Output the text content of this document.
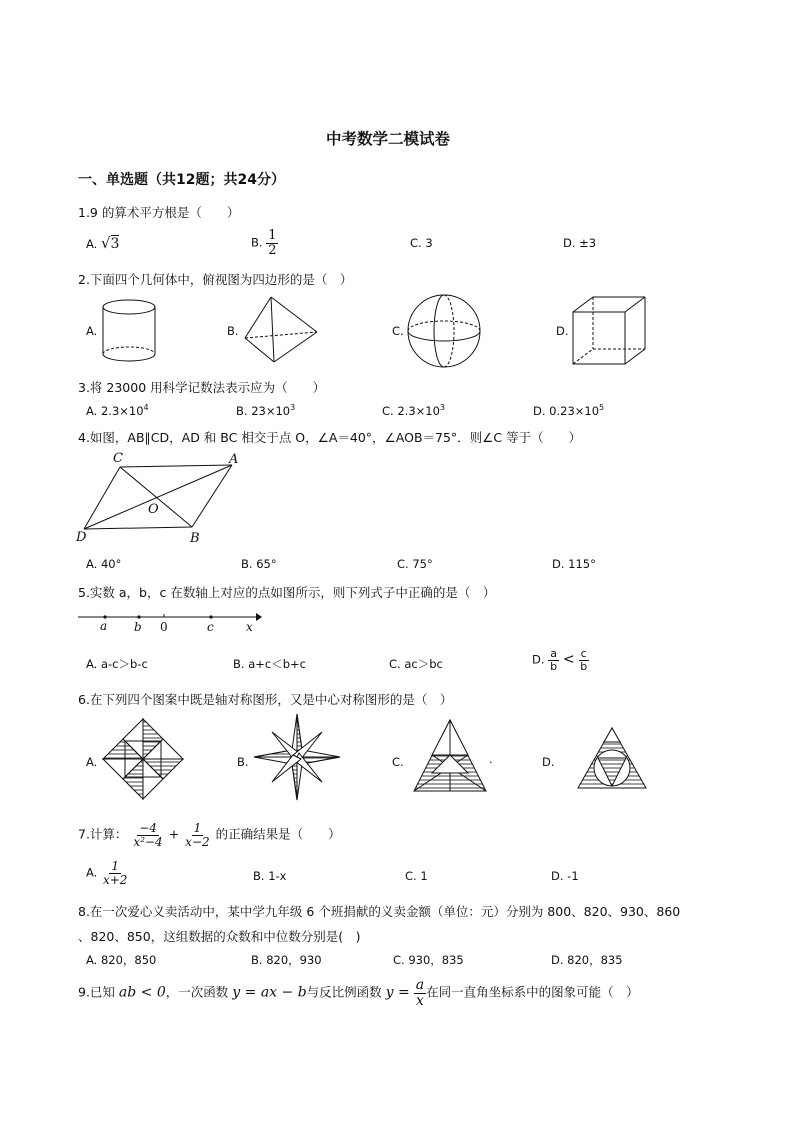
中考数学二模试卷
一、单选题（共12题；共24分）
1.9 的算术平方根是（　　）
A. √3	B. $\frac{1}{2}$	C. 3	D. ±3
2.下面四个几何体中，俯视图为四边形的是（　）
A.	B.	C.	D.
3.将 23000 用科学记数法表示应为（　　）
A. $2.3\times 10^4$	B. $23\times 10^3$	C. $2.3\times 10^3$	D. $0.23\times 10^5$
4.如图，AB∥CD，AD 和 BC 相交于点 O，∠A＝40°，∠AOB＝75°．则∠C 等于（　　）
C	A
O
D	B
A. 40°	B. 65°	C. 75°	D. 115°
5.实数 a，b，c 在数轴上对应的点如图所示，则下列式子中正确的是（　）
a b 0	c	x
A. a-c＞b-c	B. a+c＜b+c	C. ac＞bc	D. $\frac{a}{b} < \frac{c}{b}$
6.在下列四个图案中既是轴对称图形，又是中心对称图形的是（　）
A.	B.	C.	.	D.
7.计算： $\frac{-4}{\text{x²−4}} + \frac{1}{x-2}$ 的正确结果是（　　）
A. $\frac{1}{x+2}$	B. 1-x	C. 1	D. -1
8.在一次爱心义卖活动中，某中学九年级 6 个班捐献的义卖金额（单位：元）分别为 800、820、930、860
、820、850，这组数据的众数和中位数分别是(　)
A. 820，850	B. 820，930	C. 930，835	D. 820，835
9.已知 ab < 0，一次函数 y = ax − b与反比例函数 $y = \frac{a}{x}$ 在同一直角坐标系中的图象可能（　）
